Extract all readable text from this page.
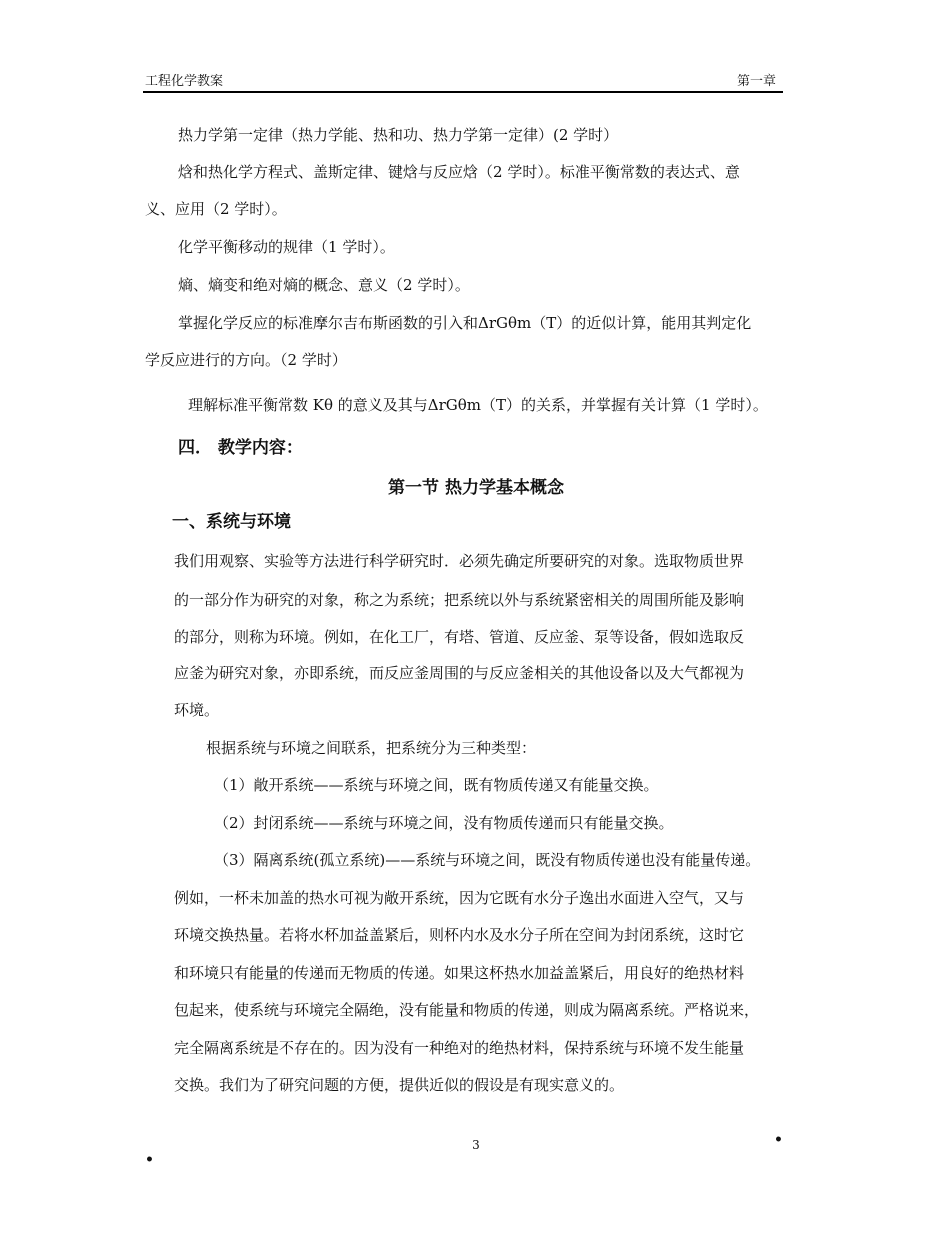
工程化学教案	第一章
热力学第一定律（热力学能、热和功、热力学第一定律）(2 学时）
焓和热化学方程式、盖斯定律、键焓与反应焓（2 学时）。标准平衡常数的表达式、意
义、应用（2 学时）。
化学平衡移动的规律（1 学时）。
熵、熵变和绝对熵的概念、意义（2 学时）。
掌握化学反应的标准摩尔吉布斯函数的引入和ΔrGθm（T）的近似计算，能用其判定化
学反应进行的方向。（2 学时）
理解标准平衡常数 Kθ 的意义及其与ΔrGθm（T）的关系，并掌握有关计算（1 学时）。
四． 教学内容：
第一节 热力学基本概念
一、系统与环境
我们用观察、实验等方法进行科学研究时．必须先确定所要研究的对象。选取物质世界
的一部分作为研究的对象，称之为系统；把系统以外与系统紧密相关的周围所能及影响
的部分，则称为环境。例如，在化工厂，有塔、管道、反应釜、泵等设备，假如选取反
应釜为研究对象，亦即系统，而反应釜周围的与反应釜相关的其他设备以及大气都视为
环境。
根据系统与环境之间联系，把系统分为三种类型：
（1）敞开系统——系统与环境之间，既有物质传递又有能量交换。
（2）封闭系统——系统与环境之间，没有物质传递而只有能量交换。
（3）隔离系统(孤立系统)——系统与环境之间，既没有物质传递也没有能量传递。
例如，一杯未加盖的热水可视为敞开系统，因为它既有水分子逸出水面进入空气，又与
环境交换热量。若将水杯加益盖紧后，则杯内水及水分子所在空间为封闭系统，这时它
和环境只有能量的传递而无物质的传递。如果这杯热水加益盖紧后，用良好的绝热材料
包起来，使系统与环境完全隔绝，没有能量和物质的传递，则成为隔离系统。严格说来，
完全隔离系统是不存在的。因为没有一种绝对的绝热材料，保持系统与环境不发生能量
交换。我们为了研究问题的方便，提供近似的假设是有现实意义的。
3	•
•
